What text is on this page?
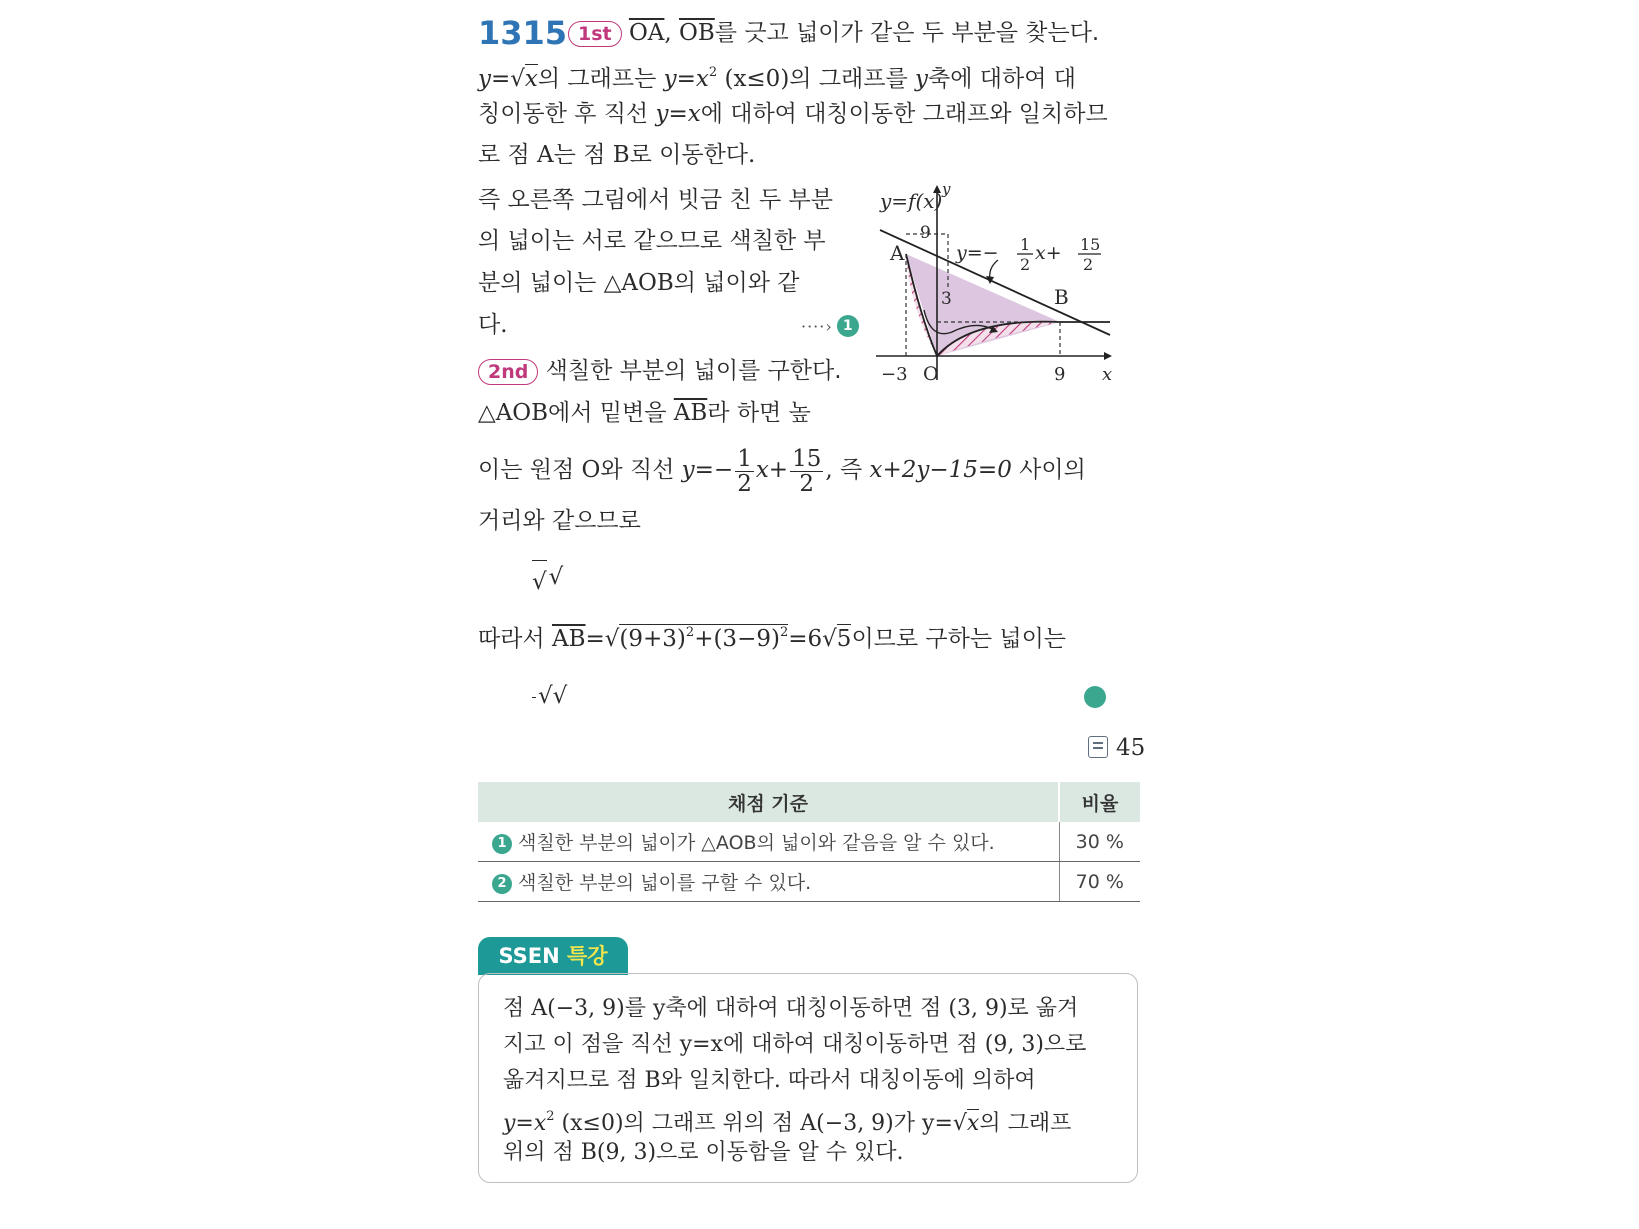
1315 1st $\overline{OA}$, $\overline{OB}$를 긋고 넓이가 같은 두 부분을 찾는다.
y=√x의 그래프는 $y=x^2$ (x≤0)의 그래프를 y축에 대하여 대
칭이동한 후 직선 y=x에 대하여 대칭이동한 그래프와 일치하므
로 점 A는 점 B로 이동한다.
즉 오른쪽 그림에서 빗금 친 두 부분
의 넓이는 서로 같으므로 색칠한 부
분의 넓이는 △AOB의 넓이와 같
다.	····› 1
y=f(x) y
x
A
B
O
−3	9
9
3
y=− 1
2
x+ 15
2
2nd 색칠한 부분의 넓이를 구한다.
△AOB에서 밑변을 $\overline{AB}$라 하면 높
이는 원점 O와 직선 $y=- \frac{1}{2} x+ \frac{15}{2}$ , 즉 x+2y−15=0 사이의
거리와 같으므로
√ √
따라서 $\overline{AB}=√(9+3)^2+(3-9)^2=6√5$이므로 구하는 넓이는
√√
45
채점 기준	비율
1 색칠한 부분의 넓이가 △AOB의 넓이와 같음을 알 수 있다.	30 %
2 색칠한 부분의 넓이를 구할 수 있다.	70 %
SSEN 특강
점 A(−3, 9)를 y축에 대하여 대칭이동하면 점 (3, 9)로 옮겨
지고 이 점을 직선 y=x에 대하여 대칭이동하면 점 (9, 3)으로
옮겨지므로 점 B와 일치한다. 따라서 대칭이동에 의하여
$y=x^2$ (x≤0)의 그래프 위의 점 A(−3, 9)가 y=√x의 그래프
위의 점 B(9, 3)으로 이동함을 알 수 있다.
